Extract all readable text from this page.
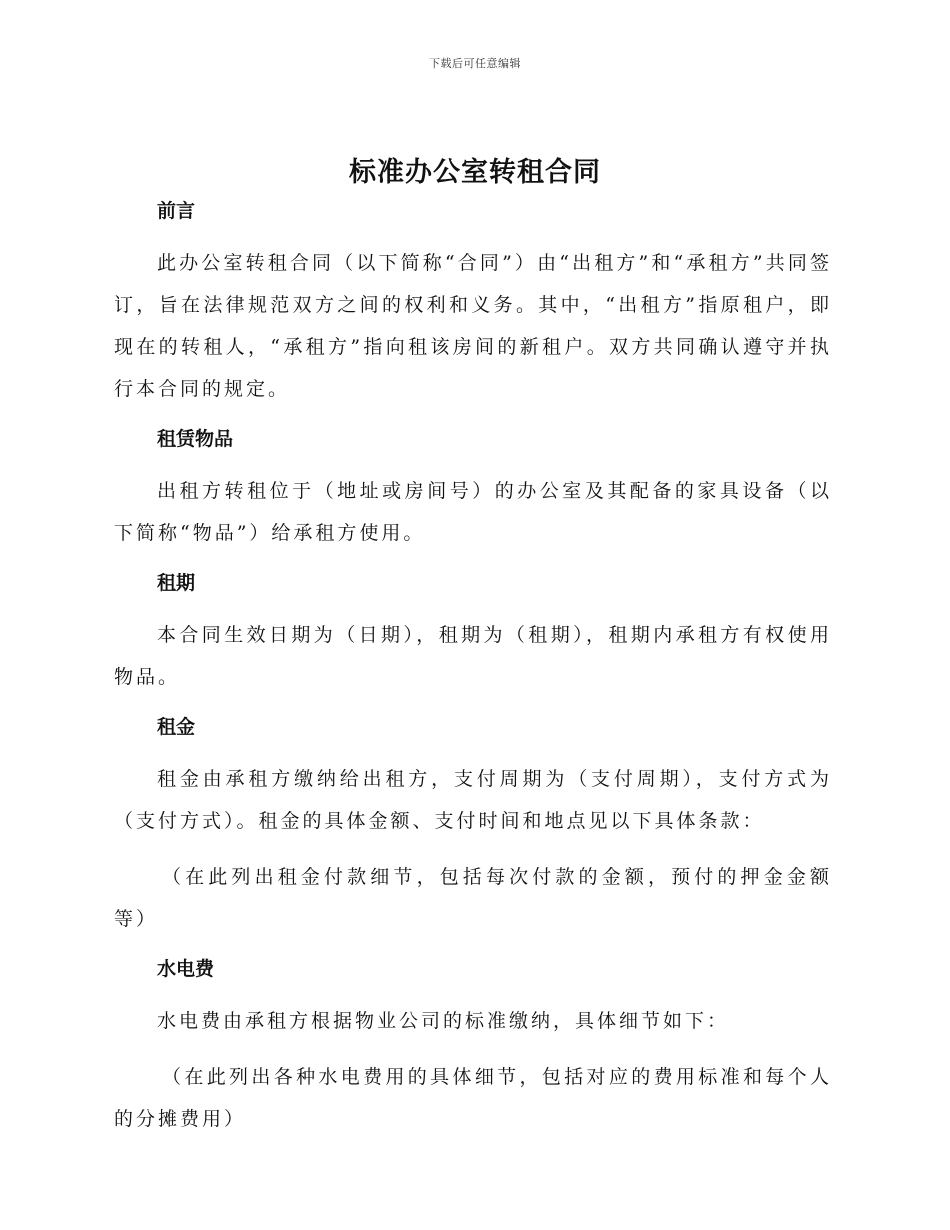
下载后可任意编辑
标准办公室转租合同
前言

此办公室转租合同（以下简称“合同”）由“出租方”和“承租方”共同签订，旨在法律规范双方之间的权利和义务。其中，“出租方”指原租户，即现在的转租人，“承租方”指向租该房间的新租户。双方共同确认遵守并执行本合同的规定。

租赁物品

出租方转租位于（地址或房间号）的办公室及其配备的家具设备（以下简称“物品”）给承租方使用。

租期

本合同生效日期为（日期），租期为（租期），租期内承租方有权使用物品。

租金

租金由承租方缴纳给出租方，支付周期为（支付周期），支付方式为（支付方式）。租金的具体金额、支付时间和地点见以下具体条款：

（在此列出租金付款细节，包括每次付款的金额，预付的押金金额等）

水电费

水电费由承租方根据物业公司的标准缴纳，具体细节如下：

（在此列出各种水电费用的具体细节，包括对应的费用标准和每个人的分摊费用）
